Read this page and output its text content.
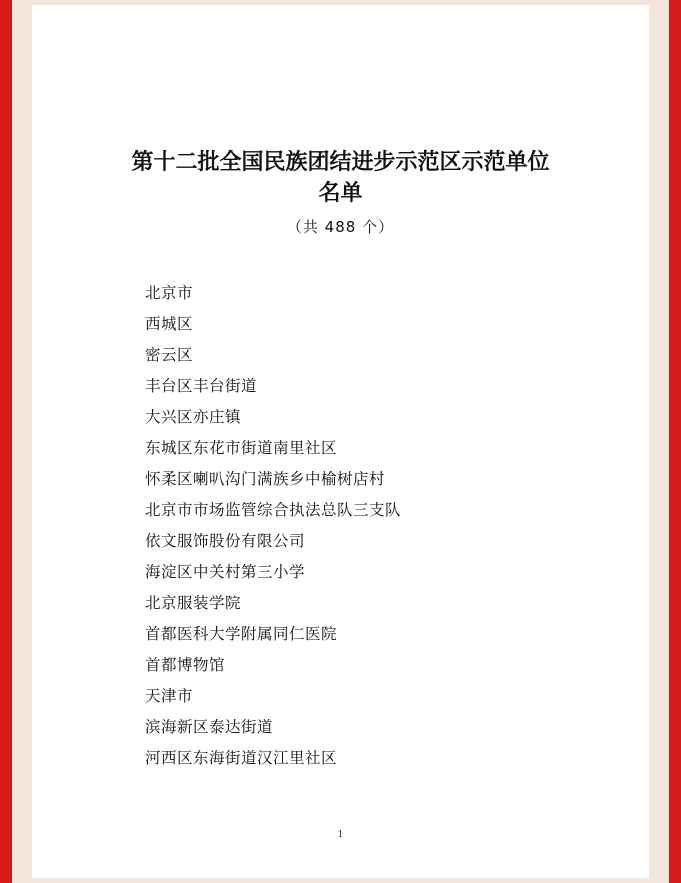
第十二批全国民族团结进步示范区示范单位
名单
（共 488 个）
北京市
西城区
密云区
丰台区丰台街道
大兴区亦庄镇
东城区东花市街道南里社区
怀柔区喇叭沟门满族乡中榆树店村
北京市市场监管综合执法总队三支队
依文服饰股份有限公司
海淀区中关村第三小学
北京服装学院
首都医科大学附属同仁医院
首都博物馆
天津市
滨海新区泰达街道
河西区东海街道汉江里社区
1
